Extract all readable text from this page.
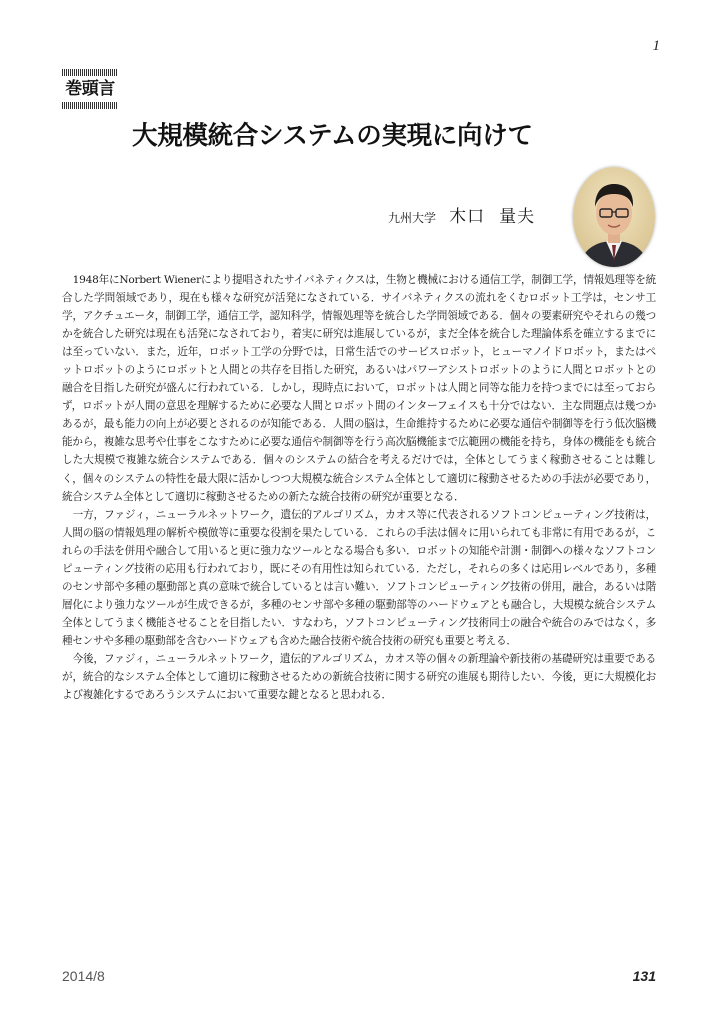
1
巻頭言
大規模統合システムの実現に向けて
九州大学 木口 量夫

1948年にNorbert Wienerにより提唱されたサイバネティクスは，生物と機械における通信工学，制御工学，情報処理等を統合した学問領域であり，現在も様々な研究が活発になされている．サイバネティクスの流れをくむロボット工学は，センサ工学，アクチュエータ，制御工学，通信工学，認知科学，情報処理等を統合した学問領域である．個々の要素研究やそれらの幾つかを統合した研究は現在も活発になされており，着実に研究は進展しているが，まだ全体を統合した理論体系を確立するまでには至っていない．また，近年，ロボット工学の分野では，日常生活でのサービスロボット，ヒューマノイドロボット，またはペットロボットのようにロボットと人間との共存を目指した研究，あるいはパワーアシストロボットのように人間とロボットとの融合を目指した研究が盛んに行われている．しかし，現時点において，ロボットは人間と同等な能力を持つまでには至っておらず，ロボットが人間の意思を理解するために必要な人間とロボット間のインターフェイスも十分ではない．主な問題点は幾つかあるが，最も能力の向上が必要とされるのが知能である．人間の脳は，生命維持するために必要な通信や制御等を行う低次脳機能から，複雑な思考や仕事をこなすために必要な通信や制御等を行う高次脳機能まで広範囲の機能を持ち，身体の機能をも統合した大規模で複雑な統合システムである．個々のシステムの結合を考えるだけでは，全体としてうまく稼動させることは難しく，個々のシステムの特性を最大限に活かしつつ大規模な統合システム全体として適切に稼動させるための手法が必要であり，統合システム全体として適切に稼動させるための新たな統合技術の研究が重要となる．

一方，ファジィ，ニューラルネットワーク，遺伝的アルゴリズム，カオス等に代表されるソフトコンピューティング技術は，人間の脳の情報処理の解析や模倣等に重要な役割を果たしている．これらの手法は個々に用いられても非常に有用であるが，これらの手法を併用や融合して用いると更に強力なツールとなる場合も多い．ロボットの知能や計測・制御への様々なソフトコンピューティング技術の応用も行われており，既にその有用性は知られている．ただし，それらの多くは応用レベルであり，多種のセンサ部や多種の駆動部と真の意味で統合しているとは言い難い．ソフトコンピューティング技術の併用，融合，あるいは階層化により強力なツールが生成できるが，多種のセンサ部や多種の駆動部等のハードウェアとも融合し，大規模な統合システム全体としてうまく機能させることを目指したい．すなわち，ソフトコンピューティング技術同士の融合や統合のみではなく，多種センサや多種の駆動部を含むハードウェアも含めた融合技術や統合技術の研究も重要と考える．

今後，ファジィ，ニューラルネットワーク，遺伝的アルゴリズム，カオス等の個々の新理論や新技術の基礎研究は重要であるが，統合的なシステム全体として適切に稼動させるための新統合技術に関する研究の進展も期待したい．今後，更に大規模化および複雑化するであろうシステムにおいて重要な鍵となると思われる．

2014/8	131
